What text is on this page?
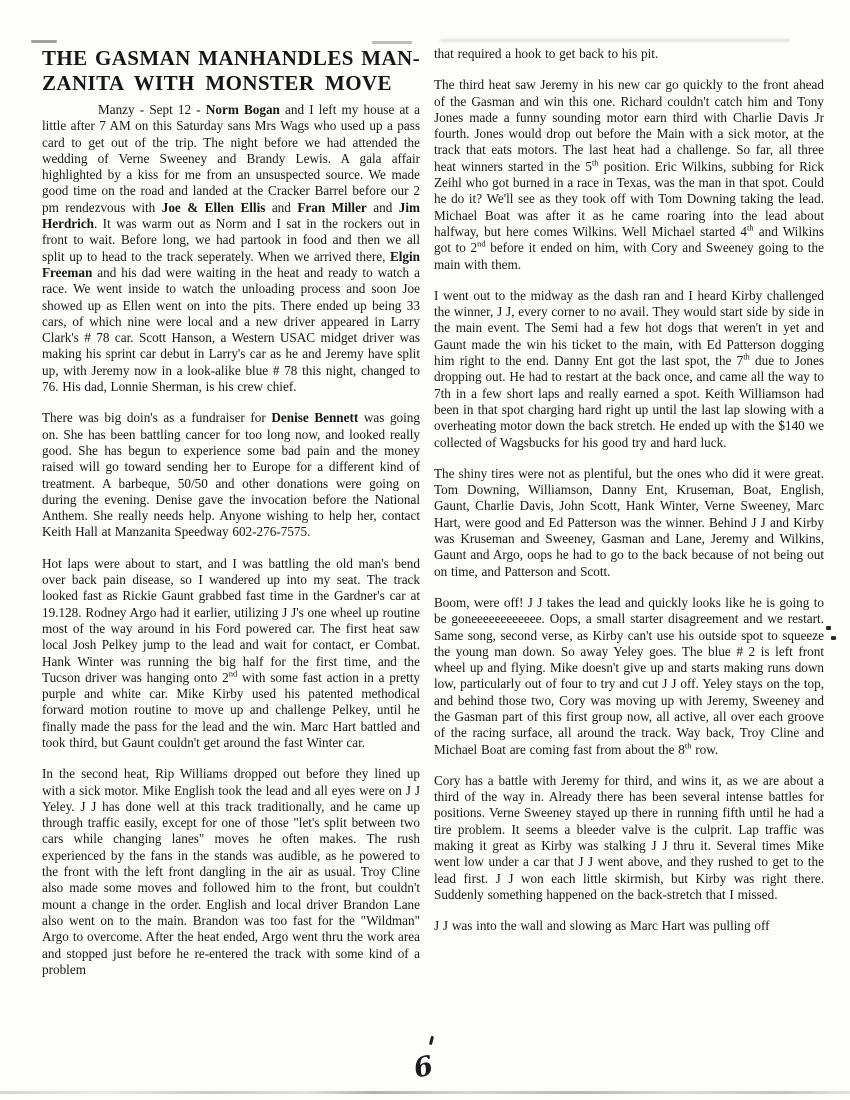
THE GASMAN MANHANDLES MAN-
ZANITA WITH MONSTER MOVE

Manzy - Sept 12 - Norm Bogan and I left my house at a little after 7 AM on this Saturday sans Mrs Wags who used up a pass card to get out of the trip. The night before we had attended the wedding of Verne Sweeney and Brandy Lewis. A gala affair highlighted by a kiss for me from an unsuspected source. We made good time on the road and landed at the Cracker Barrel before our 2 pm rendezvous with Joe & Ellen Ellis and Fran Miller and Jim Herdrich. It was warm out as Norm and I sat in the rockers out in front to wait. Before long, we had partook in food and then we all split up to head to the track seperately. When we arrived there, Elgin Freeman and his dad were waiting in the heat and ready to watch a race. We went inside to watch the unloading process and soon Joe showed up as Ellen went on into the pits. There ended up being 33 cars, of which nine were local and a new driver appeared in Larry Clark's # 78 car. Scott Hanson, a Western USAC midget driver was making his sprint car debut in Larry's car as he and Jeremy have split up, with Jeremy now in a look-alike blue # 78 this night, changed to 76. His dad, Lonnie Sherman, is his crew chief.

There was big doin's as a fundraiser for Denise Bennett was going on. She has been battling cancer for too long now, and looked really good. She has begun to experience some bad pain and the money raised will go toward sending her to Europe for a different kind of treatment. A barbeque, 50/50 and other donations were going on during the evening. Denise gave the invocation before the National Anthem. She really needs help. Anyone wishing to help her, contact Keith Hall at Manzanita Speedway 602-276-7575.

Hot laps were about to start, and I was battling the old man's bend over back pain disease, so I wandered up into my seat. The track looked fast as Rickie Gaunt grabbed fast time in the Gardner's car at 19.128. Rodney Argo had it earlier, utilizing J J's one wheel up routine most of the way around in his Ford powered car. The first heat saw local Josh Pelkey jump to the lead and wait for contact, er Combat. Hank Winter was running the big half for the first time, and the Tucson driver was hanging onto 2nd with some fast action in a pretty purple and white car. Mike Kirby used his patented methodical forward motion routine to move up and challenge Pelkey, until he finally made the pass for the lead and the win. Marc Hart battled and took third, but Gaunt couldn't get around the fast Winter car.

In the second heat, Rip Williams dropped out before they lined up with a sick motor. Mike English took the lead and all eyes were on J J Yeley. J J has done well at this track traditionally, and he came up through traffic easily, except for one of those "let's split between two cars while changing lanes" moves he often makes. The rush experienced by the fans in the stands was audible, as he powered to the front with the left front dangling in the air as usual. Troy Cline also made some moves and followed him to the front, but couldn't mount a change in the order. English and local driver Brandon Lane also went on to the main. Brandon was too fast for the "Wildman" Argo to overcome. After the heat ended, Argo went thru the work area and stopped just before he re-entered the track with some kind of a problem

that required a hook to get back to his pit.

The third heat saw Jeremy in his new car go quickly to the front ahead of the Gasman and win this one. Richard couldn't catch him and Tony Jones made a funny sounding motor earn third with Charlie Davis Jr fourth. Jones would drop out before the Main with a sick motor, at the track that eats motors. The last heat had a challenge. So far, all three heat winners started in the 5th position. Eric Wilkins, subbing for Rick Zeihl who got burned in a race in Texas, was the man in that spot. Could he do it? We'll see as they took off with Tom Downing taking the lead. Michael Boat was after it as he came roaring into the lead about halfway, but here comes Wilkins. Well Michael started 4th and Wilkins got to 2nd before it ended on him, with Cory and Sweeney going to the main with them.

I went out to the midway as the dash ran and I heard Kirby challenged the winner, J J, every corner to no avail. They would start side by side in the main event. The Semi had a few hot dogs that weren't in yet and Gaunt made the win his ticket to the main, with Ed Patterson dogging him right to the end. Danny Ent got the last spot, the 7th due to Jones dropping out. He had to restart at the back once, and came all the way to 7th in a few short laps and really earned a spot. Keith Williamson had been in that spot charging hard right up until the last lap slowing with a overheating motor down the back stretch. He ended up with the $140 we collected of Wagsbucks for his good try and hard luck.

The shiny tires were not as plentiful, but the ones who did it were great. Tom Downing, Williamson, Danny Ent, Kruseman, Boat, English, Gaunt, Charlie Davis, John Scott, Hank Winter, Verne Sweeney, Marc Hart, were good and Ed Patterson was the winner. Behind J J and Kirby was Kruseman and Sweeney, Gasman and Lane, Jeremy and Wilkins, Gaunt and Argo, oops he had to go to the back because of not being out on time, and Patterson and Scott.

Boom, were off! J J takes the lead and quickly looks like he is going to be goneeeeeeeeeeee. Oops, a small starter disagreement and we restart. Same song, second verse, as Kirby can't use his outside spot to squeeze the young man down. So away Yeley goes. The blue # 2 is left front wheel up and flying. Mike doesn't give up and starts making runs down low, particularly out of four to try and cut J J off. Yeley stays on the top, and behind those two, Cory was moving up with Jeremy, Sweeney and the Gasman part of this first group now, all active, all over each groove of the racing surface, all around the track. Way back, Troy Cline and Michael Boat are coming fast from about the 8th row.

Cory has a battle with Jeremy for third, and wins it, as we are about a third of the way in. Already there has been several intense battles for positions. Verne Sweeney stayed up there in running fifth until he had a tire problem. It seems a bleeder valve is the culprit. Lap traffic was making it great as Kirby was stalking J J thru it. Several times Mike went low under a car that J J went above, and they rushed to get to the lead first. J J won each little skirmish, but Kirby was right there. Suddenly something happened on the back-stretch that I missed.

J J was into the wall and slowing as Marc Hart was pulling off

6
